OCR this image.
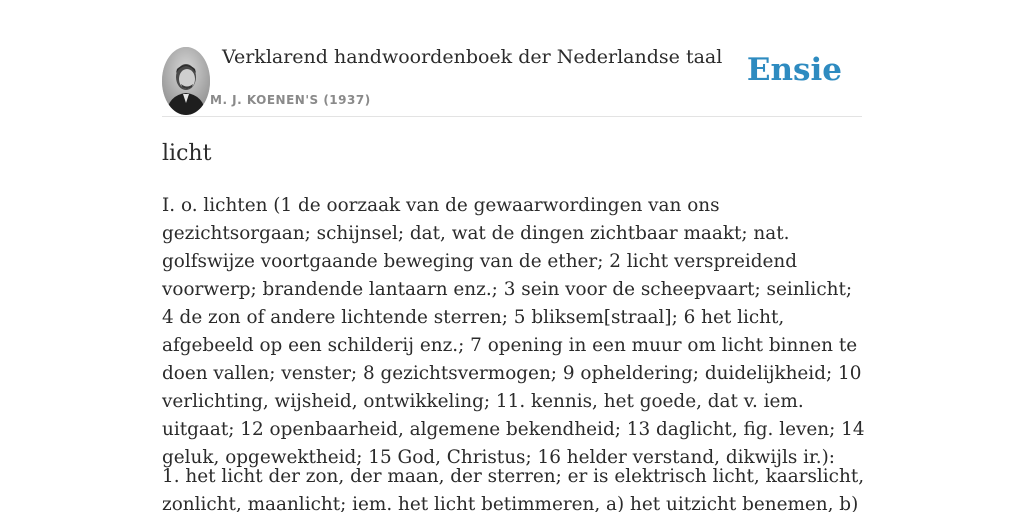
Verklarend handwoordenboek der Nederlandse taal
M. J. KOENEN'S (1937)
Ensie
licht

I. o. lichten (1 de oorzaak van de gewaarwordingen van ons gezichtsorgaan; schijnsel; dat, wat de dingen zichtbaar maakt; nat. golfswijze voortgaande beweging van de ether; 2 licht verspreidend voorwerp; brandende lantaarn enz.; 3 sein voor de scheepvaart; seinlicht; 4 de zon of andere lichtende sterren; 5 bliksem[straal]; 6 het licht, afgebeeld op een schilderij enz.; 7 opening in een muur om licht binnen te doen vallen; venster; 8 gezichtsvermogen; 9 opheldering; duidelijkheid; 10 verlichting, wijsheid, ontwikkeling; 11. kennis, het goede, dat v. iem. uitgaat; 12 openbaarheid, algemene bekendheid; 13 daglicht, fig. leven; 14 geluk, opgewektheid; 15 God, Christus; 16 helder verstand, dikwijls ir.):

1. het licht der zon, der maan, der sterren; er is elektrisch licht, kaarslicht, zonlicht, maanlicht; iem. het licht betimmeren, a) het uitzicht benemen, b)
